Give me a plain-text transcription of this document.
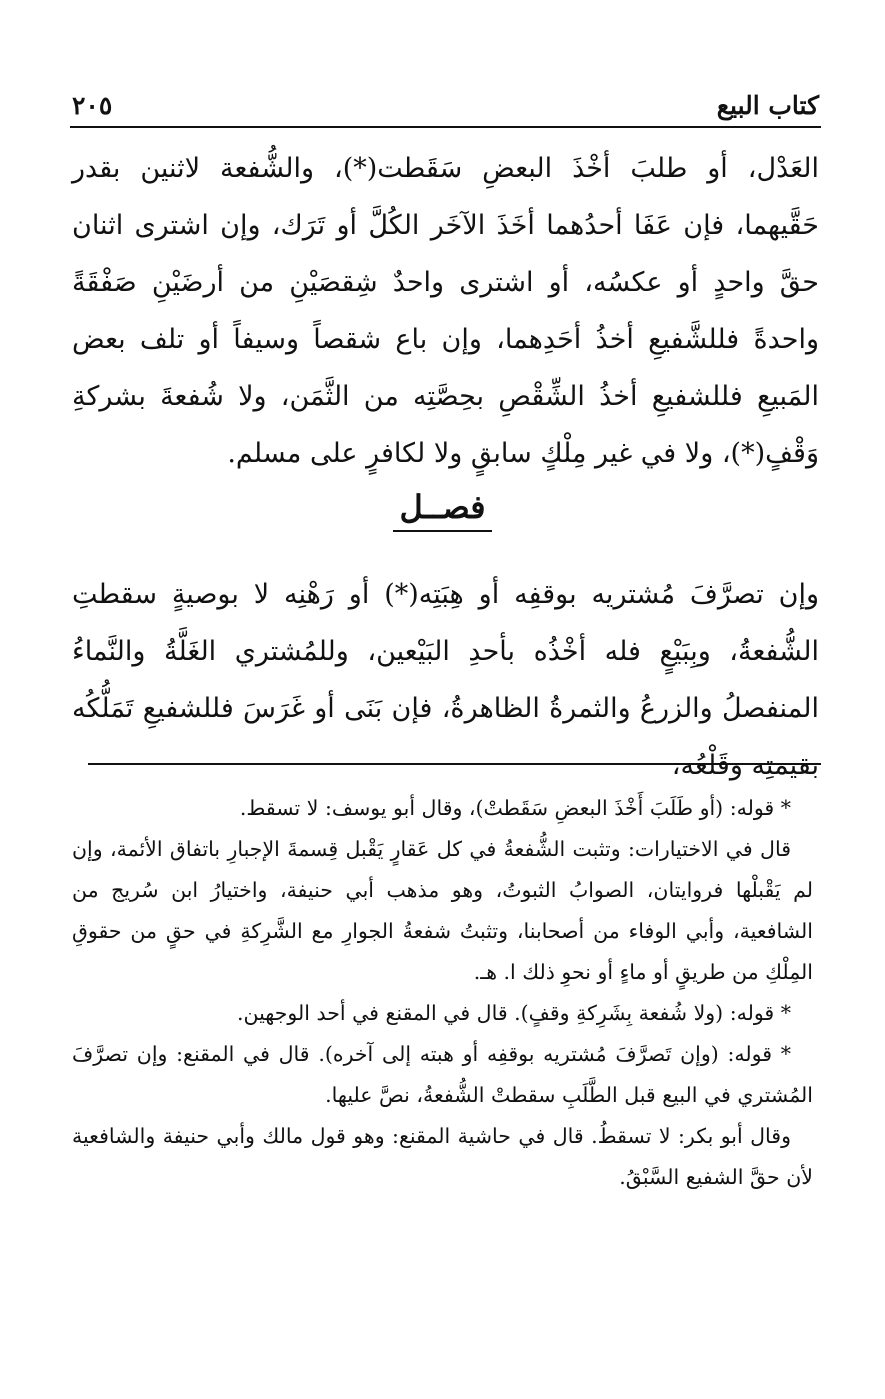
كتاب البيع
٢٠٥

العَدْل، أو طلبَ أخْذَ البعضِ سَقَطت(*)، والشُّفعة لاثنين بقدر حَقَّيهما، فإن عَفَا أحدُهما أخَذَ الآخَر الكُلَّ أو تَرَك، وإن اشترى اثنان حقَّ واحدٍ أو عكسُه، أو اشترى واحدٌ شِقصَيْنِ من أرضَيْنِ صَفْقَةً واحدةً فللشَّفيعِ أخذُ أحَدِهما، وإن باع شقصاً وسيفاً أو تلف بعض المَبيعِ فللشفيعِ أخذُ الشِّقْصِ بحِصَّتِه من الثَّمَن، ولا شُفعةَ بشركةِ وَقْفٍ(*)، ولا في غير مِلْكٍ سابقٍ ولا لكافرٍ على مسلم.

فصــل

وإن تصرَّفَ مُشتريه بوقفِه أو هِبَتِه(*) أو رَهْنِه لا بوصيةٍ سقطتِ الشُّفعةُ، وبِبَيْعٍ فله أخْذُه بأحدِ البَيْعين، وللمُشتري الغَلَّةُ والنَّماءُ المنفصلُ والزرعُ والثمرةُ الظاهرةُ، فإن بَنَى أو غَرَسَ فللشفيعِ تَمَلُّكُه بقيمتِه وقَلْعُه،

* قوله: (أو طَلَبَ أَخْذَ البعضِ سَقَطتْ)، وقال أبو يوسف: لا تسقط.

قال في الاختيارات: وتثبت الشُّفعةُ في كل عَقارٍ يَقْبل قِسمةَ الإجبارِ باتفاق الأئمة، وإن لم يَقْبلْها فروايتان، الصوابُ الثبوتُ، وهو مذهب أبي حنيفة، واختيارُ ابن سُريج من الشافعية، وأبي الوفاء من أصحابنا، وتثبتُ شفعةُ الجوارِ مع الشَّرِكةِ في حقٍ من حقوقِ المِلْكِ من طريقٍ أو ماءٍ أو نحوِ ذلك ا. هـ.

* قوله: (ولا شُفعة بِشَرِكةِ وقفٍ). قال في المقنع في أحد الوجهين.

* قوله: (وإن تَصرَّفَ مُشتريه بوقفِه أو هبته إلى آخره). قال في المقنع: وإن تصرَّفَ المُشتري في البيع قبل الطَّلَبِ سقطتْ الشُّفعةُ، نصَّ عليها.

وقال أبو بكر: لا تسقطُ. قال في حاشية المقنع: وهو قول مالك وأبي حنيفة والشافعية لأن حقَّ الشفيع السَّبْقُ.
